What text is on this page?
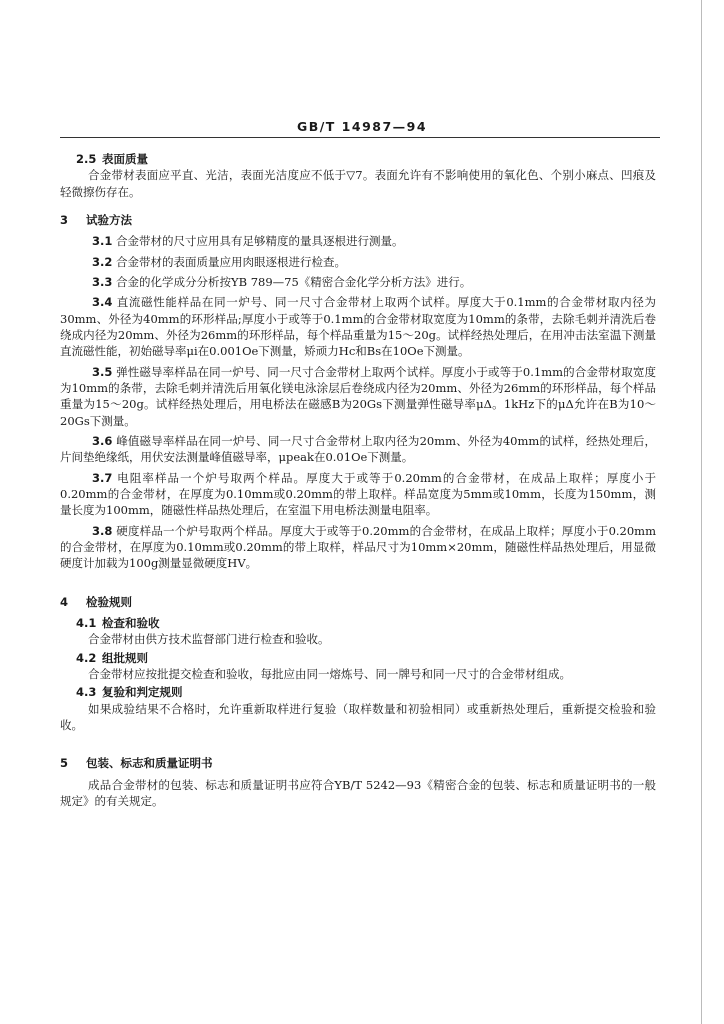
GB/T 14987—94
2.5 表面质量

合金带材表面应平直、光洁，表面光洁度应不低于▽7。表面允许有不影响使用的氧化色、个别小麻点、凹痕及轻微擦伤存在。

3 试验方法

3.1 合金带材的尺寸应用具有足够精度的量具逐根进行测量。

3.2 合金带材的表面质量应用肉眼逐根进行检查。

3.3 合金的化学成分分析按YB 789—75《精密合金化学分析方法》进行。

3.4 直流磁性能样品在同一炉号、同一尺寸合金带材上取两个试样。厚度大于0.1mm的合金带材取内径为30mm、外径为40mm的环形样品;厚度小于或等于0.1mm的合金带材取宽度为10mm的条带，去除毛刺并清洗后卷绕成内径为20mm、外径为26mm的环形样品，每个样品重量为15～20g。试样经热处理后，在用冲击法室温下测量直流磁性能，初始磁导率μi在0.001Oe下测量，矫顽力Hc和Bs在10Oe下测量。

3.5 弹性磁导率样品在同一炉号、同一尺寸合金带材上取两个试样。厚度小于或等于0.1mm的合金带材取宽度为10mm的条带，去除毛刺并清洗后用氧化镁电泳涂层后卷绕成内径为20mm、外径为26mm的环形样品，每个样品重量为15～20g。试样经热处理后，用电桥法在磁感B为20Gs下测量弹性磁导率μΔ。1kHz下的μΔ允许在B为10～20Gs下测量。

3.6 峰值磁导率样品在同一炉号、同一尺寸合金带材上取内径为20mm、外径为40mm的试样，经热处理后，片间垫绝缘纸，用伏安法测量峰值磁导率，μpeak在0.01Oe下测量。

3.7 电阻率样品一个炉号取两个样品。厚度大于或等于0.20mm的合金带材，在成品上取样；厚度小于0.20mm的合金带材，在厚度为0.10mm或0.20mm的带上取样。样品宽度为5mm或10mm，长度为150mm，测量长度为100mm，随磁性样品热处理后，在室温下用电桥法测量电阻率。

3.8 硬度样品一个炉号取两个样品。厚度大于或等于0.20mm的合金带材，在成品上取样；厚度小于0.20mm的合金带材，在厚度为0.10mm或0.20mm的带上取样，样品尺寸为10mm×20mm，随磁性样品热处理后，用显微硬度计加载为100g测量显微硬度HV。

4 检验规则
4.1 检查和验收

合金带材由供方技术监督部门进行检查和验收。

4.2 组批规则

合金带材应按批提交检查和验收，每批应由同一熔炼号、同一牌号和同一尺寸的合金带材组成。

4.3 复验和判定规则

如果成验结果不合格时，允许重新取样进行复验（取样数量和初验相同）或重新热处理后，重新提交检验和验收。

5 包装、标志和质量证明书

成品合金带材的包装、标志和质量证明书应符合YB/T 5242—93《精密合金的包装、标志和质量证明书的一般规定》的有关规定。
